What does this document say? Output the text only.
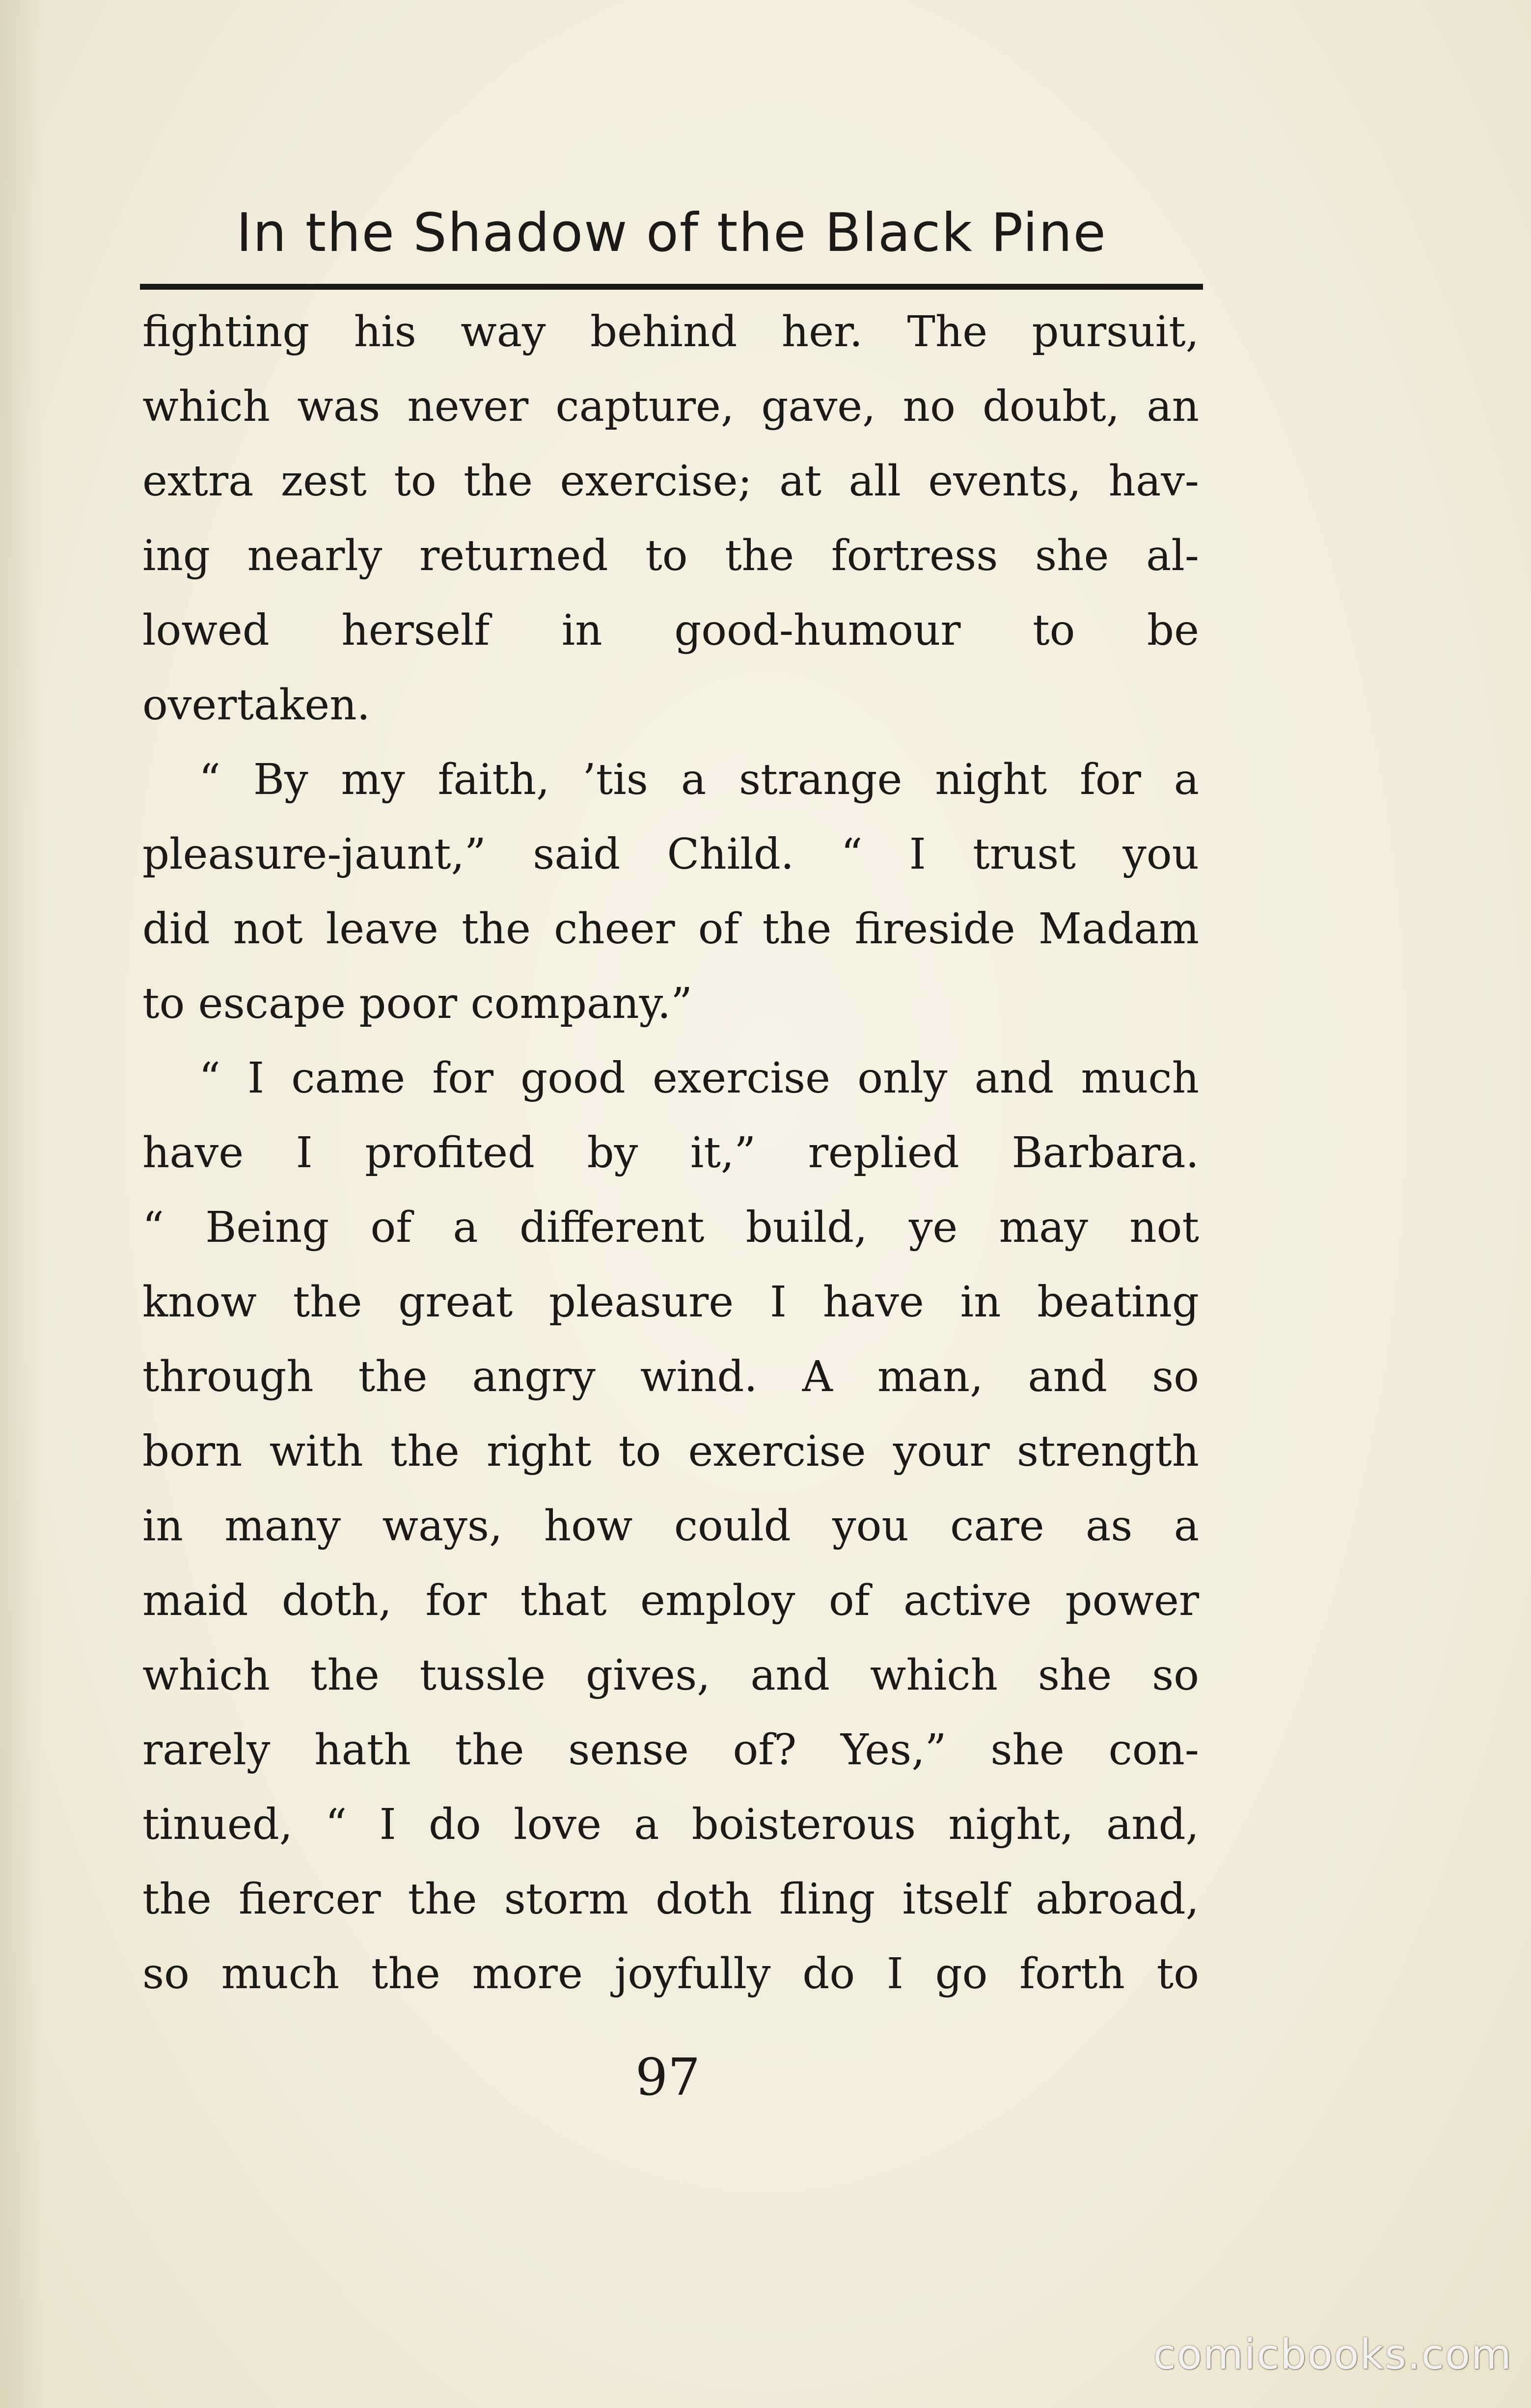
In the Shadow of the Black Pine
fighting his way behind her. The pursuit,
which was never capture, gave, no doubt, an
extra zest to the exercise; at all events, hav-
ing nearly returned to the fortress she al-
lowed herself in good-humour to be
overtaken.
“ By my faith, ’tis a strange night for a
pleasure-jaunt,” said Child. “ I trust you
did not leave the cheer of the fireside Madam
to escape poor company.”
“ I came for good exercise only and much
have I profited by it,” replied Barbara.
“ Being of a different build, ye may not
know the great pleasure I have in beating
through the angry wind. A man, and so
born with the right to exercise your strength
in many ways, how could you care as a
maid doth, for that employ of active power
which the tussle gives, and which she so
rarely hath the sense of? Yes,” she con-
tinued, “ I do love a boisterous night, and,
the fiercer the storm doth fling itself abroad,
so much the more joyfully do I go forth to
97
comicbooks.com
